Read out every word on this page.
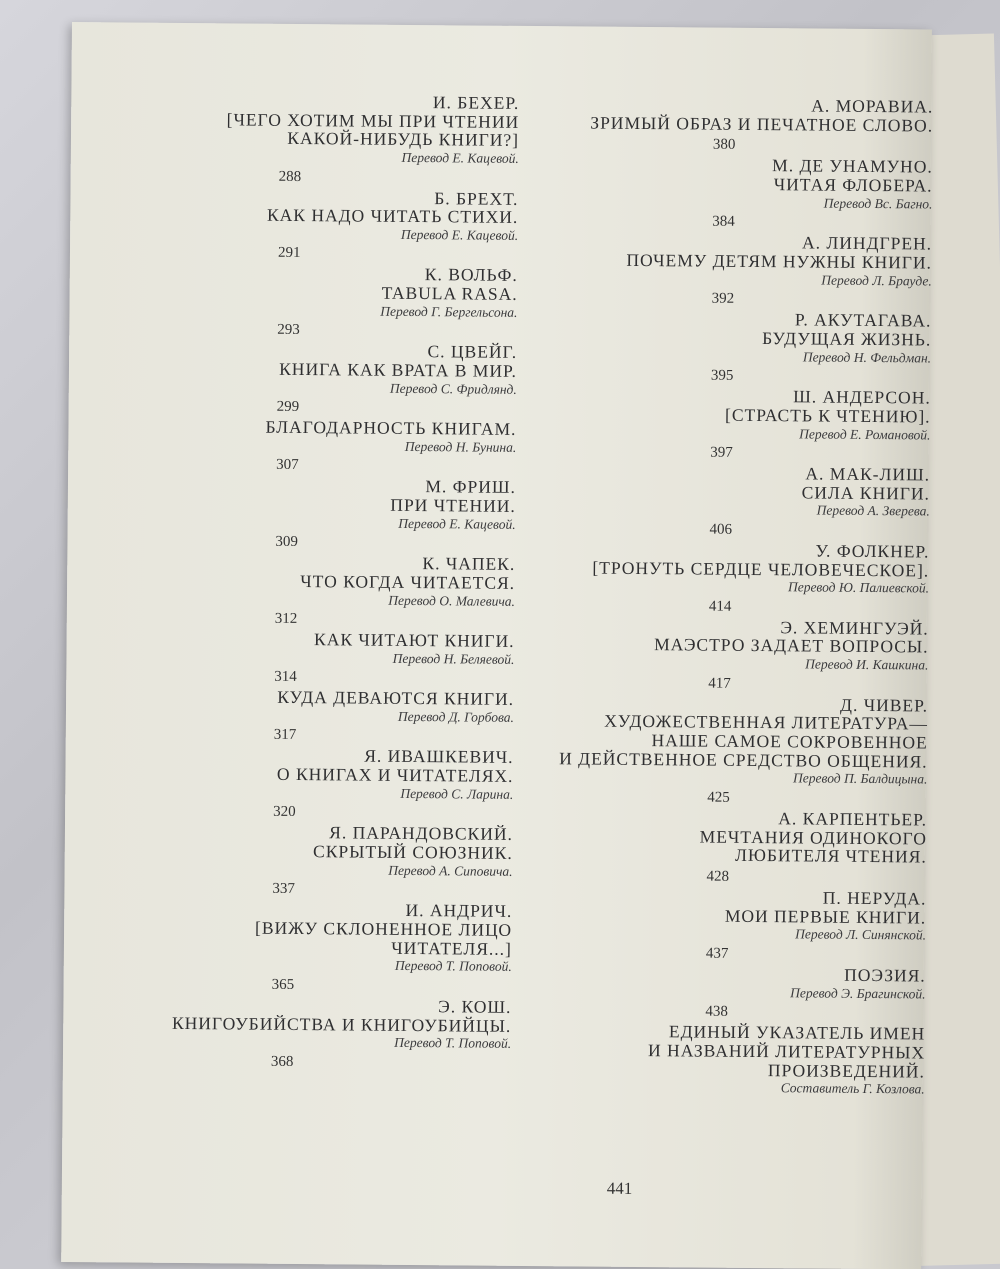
И. БЕХЕР.
[ЧЕГО ХОТИМ МЫ ПРИ ЧТЕНИИ
КАКОЙ-НИБУДЬ КНИГИ?]
Перевод Е. Кацевой.
288
Б. БРЕХТ.
КАК НАДО ЧИТАТЬ СТИХИ.
Перевод Е. Кацевой.
291
К. ВОЛЬФ.
TABULA RASA.
Перевод Г. Бергельсона.
293
С. ЦВЕЙГ.
КНИГА КАК ВРАТА В МИР.
Перевод С. Фридлянд.
299
БЛАГОДАРНОСТЬ КНИГАМ.
Перевод Н. Бунина.
307
М. ФРИШ.
ПРИ ЧТЕНИИ.
Перевод Е. Кацевой.
309
К. ЧАПЕК.
ЧТО КОГДА ЧИТАЕТСЯ.
Перевод О. Малевича.
312
КАК ЧИТАЮТ КНИГИ.
Перевод Н. Беляевой.
314
КУДА ДЕВАЮТСЯ КНИГИ.
Перевод Д. Горбова.
317
Я. ИВАШКЕВИЧ.
О КНИГАХ И ЧИТАТЕЛЯХ.
Перевод С. Ларина.
320
Я. ПАРАНДОВСКИЙ.
СКРЫТЫЙ СОЮЗНИК.
Перевод А. Сиповича.
337
И. АНДРИЧ.
[ВИЖУ СКЛОНЕННОЕ ЛИЦО
ЧИТАТЕЛЯ...]
Перевод Т. Поповой.
365
Э. КОШ.
КНИГОУБИЙСТВА И КНИГОУБИЙЦЫ.
Перевод Т. Поповой.
368
А. МОРАВИА.
ЗРИМЫЙ ОБРАЗ И ПЕЧАТНОЕ СЛОВО.
380
М. ДЕ УНАМУНО.
ЧИТАЯ ФЛОБЕРА.
Перевод Вс. Багно.
384
А. ЛИНДГРЕН.
ПОЧЕМУ ДЕТЯМ НУЖНЫ КНИГИ.
Перевод Л. Брауде.
392
Р. АКУТАГАВА.
БУДУЩАЯ ЖИЗНЬ.
Перевод Н. Фельдман.
395
Ш. АНДЕРСОН.
[СТРАСТЬ К ЧТЕНИЮ].
Перевод Е. Романовой.
397
А. МАК-ЛИШ.
СИЛА КНИГИ.
Перевод А. Зверева.
406
У. ФОЛКНЕР.
[ТРОНУТЬ СЕРДЦЕ ЧЕЛОВЕЧЕСКОЕ].
Перевод Ю. Палиевской.
414
Э. ХЕМИНГУЭЙ.
МАЭСТРО ЗАДАЕТ ВОПРОСЫ.
Перевод И. Кашкина.
417
Д. ЧИВЕР.
ХУДОЖЕСТВЕННАЯ ЛИТЕРАТУРА—
НАШЕ САМОЕ СОКРОВЕННОЕ
И ДЕЙСТВЕННОЕ СРЕДСТВО ОБЩЕНИЯ.
Перевод П. Балдицына.
425
А. КАРПЕНТЬЕР.
МЕЧТАНИЯ ОДИНОКОГО
ЛЮБИТЕЛЯ ЧТЕНИЯ.
428
П. НЕРУДА.
МОИ ПЕРВЫЕ КНИГИ.
Перевод Л. Синянской.
437
ПОЭЗИЯ.
Перевод Э. Брагинской.
438
ЕДИНЫЙ УКАЗАТЕЛЬ ИМЕН
И НАЗВАНИЙ ЛИТЕРАТУРНЫХ
ПРОИЗВЕДЕНИЙ.
Составитель Г. Козлова.
441
